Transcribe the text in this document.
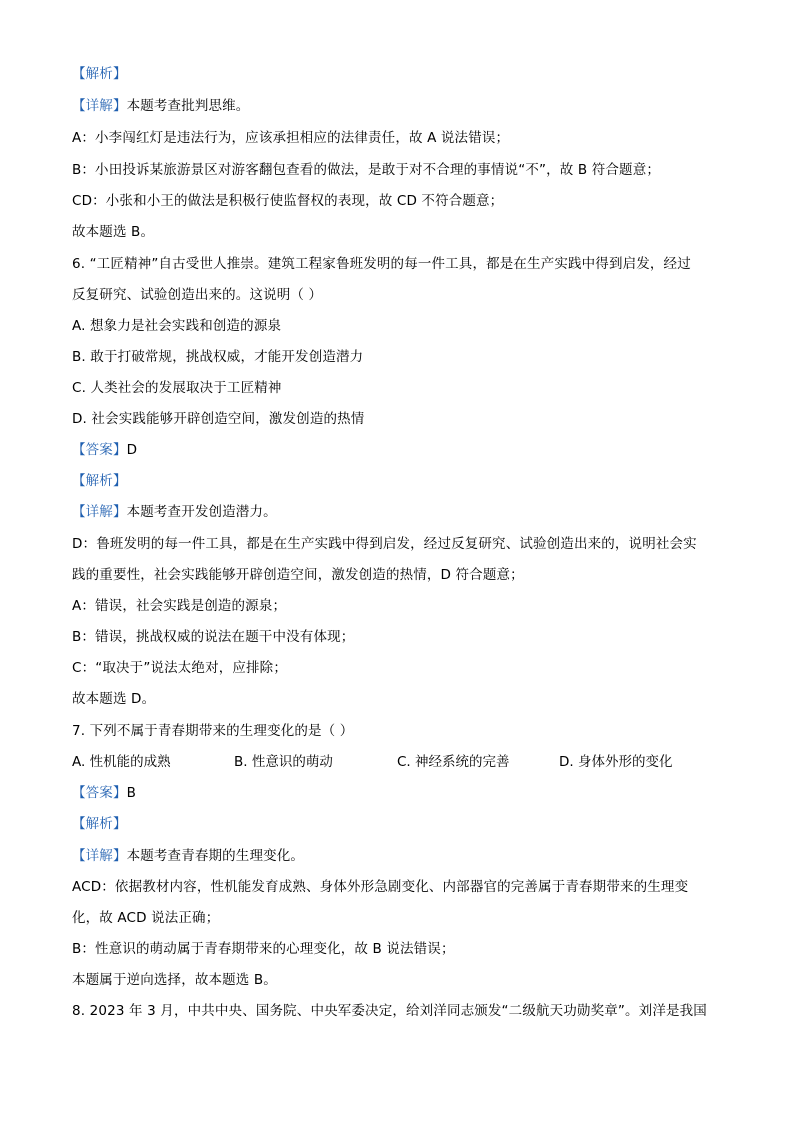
【解析】
【详解】本题考查批判思维。
A：小李闯红灯是违法行为，应该承担相应的法律责任，故 A 说法错误；
B：小田投诉某旅游景区对游客翻包查看的做法，是敢于对不合理的事情说“不”，故 B 符合题意；
CD：小张和小王的做法是积极行使监督权的表现，故 CD 不符合题意；
故本题选 B。
6. “工匠精神”自古受世人推崇。建筑工程家鲁班发明的每一件工具，都是在生产实践中得到启发，经过
反复研究、试验创造出来的。这说明（ ）
A. 想象力是社会实践和创造的源泉
B. 敢于打破常规，挑战权威，才能开发创造潜力
C. 人类社会的发展取决于工匠精神
D. 社会实践能够开辟创造空间，激发创造的热情
【答案】D
【解析】
【详解】本题考查开发创造潜力。
D：鲁班发明的每一件工具，都是在生产实践中得到启发，经过反复研究、试验创造出来的，说明社会实
践的重要性，社会实践能够开辟创造空间，激发创造的热情，D 符合题意；
A：错误，社会实践是创造的源泉；
B：错误，挑战权威的说法在题干中没有体现；
C：“取决于”说法太绝对，应排除；
故本题选 D。
7. 下列不属于青春期带来的生理变化的是（ ）
A. 性机能的成熟	B. 性意识的萌动	C. 神经系统的完善	D. 身体外形的变化
【答案】B
【解析】
【详解】本题考查青春期的生理变化。
ACD：依据教材内容，性机能发育成熟、身体外形急剧变化、内部器官的完善属于青春期带来的生理变
化，故 ACD 说法正确；
B：性意识的萌动属于青春期带来的心理变化，故 B 说法错误；
本题属于逆向选择，故本题选 B。
8. 2023 年 3 月，中共中央、国务院、中央军委决定，给刘洋同志颁发“二级航天功勋奖章”。刘洋是我国
